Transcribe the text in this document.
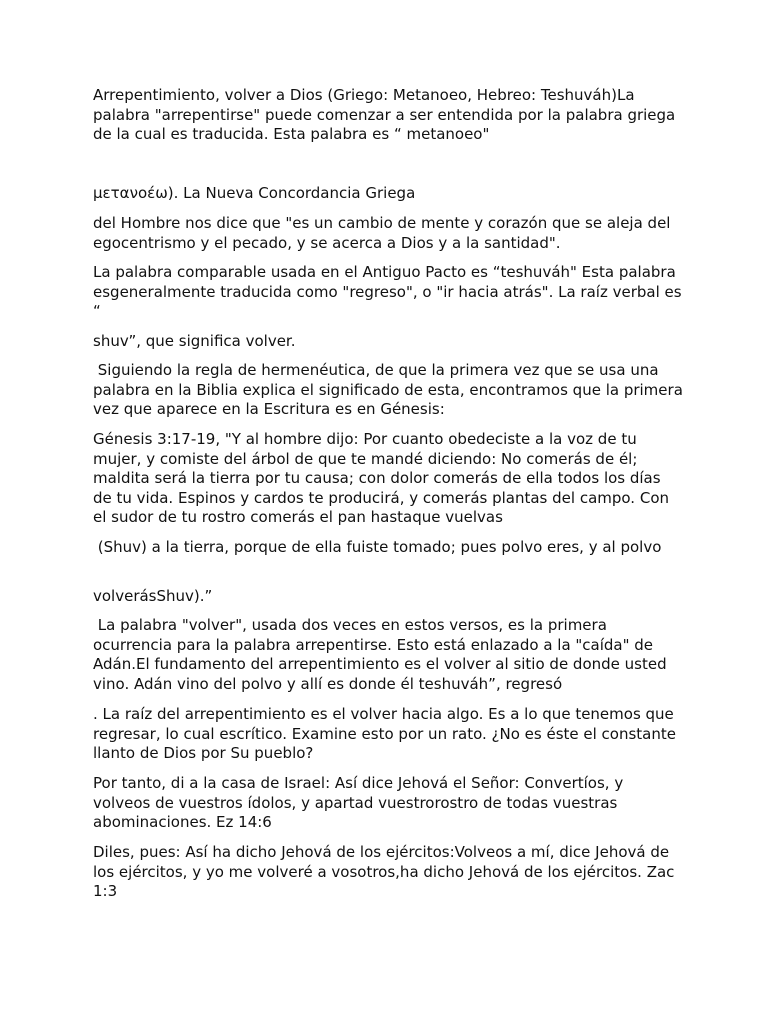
Arrepentimiento, volver a Dios (Griego: Metanoeo, Hebreo: Teshuváh)La palabra "arrepentirse" puede comenzar a ser entendida por la palabra griega de la cual es traducida. Esta palabra es “ metanoeo"

μετανοέω). La Nueva Concordancia Griega

del Hombre nos dice que "es un cambio de mente y corazón que se aleja del egocentrismo y el pecado, y se acerca a Dios y a la santidad".

La palabra comparable usada en el Antiguo Pacto es “teshuváh" Esta palabra esgeneralmente traducida como "regreso", o "ir hacia atrás". La raíz verbal es “

shuv”, que significa volver.

Siguiendo la regla de hermenéutica, de que la primera vez que se usa una palabra en la Biblia explica el significado de esta, encontramos que la primera vez que aparece en la Escritura es en Génesis:

Génesis 3:17-19, "Y al hombre dijo: Por cuanto obedeciste a la voz de tu mujer, y comiste del árbol de que te mandé diciendo: No comerás de él; maldita será la tierra por tu causa; con dolor comerás de ella todos los días de tu vida. Espinos y cardos te producirá, y comerás plantas del campo. Con el sudor de tu rostro comerás el pan hastaque vuelvas

(Shuv) a la tierra, porque de ella fuiste tomado; pues polvo eres, y al polvo

volverásShuv).”

La palabra "volver", usada dos veces en estos versos, es la primera ocurrencia para la palabra arrepentirse. Esto está enlazado a la "caída" de Adán.El fundamento del arrepentimiento es el volver al sitio de donde usted vino. Adán vino del polvo y allí es donde él teshuváh”, regresó

. La raíz del arrepentimiento es el volver hacia algo. Es a lo que tenemos que regresar, lo cual escrítico. Examine esto por un rato. ¿No es éste el constante llanto de Dios por Su pueblo?

Por tanto, di a la casa de Israel: Así dice Jehová el Señor: Convertíos, y volveos de vuestros ídolos, y apartad vuestrorostro de todas vuestras abominaciones. Ez 14:6

Diles, pues: Así ha dicho Jehová de los ejércitos:Volveos a mí, dice Jehová de los ejércitos, y yo me volveré a vosotros,ha dicho Jehová de los ejércitos. Zac 1:3
